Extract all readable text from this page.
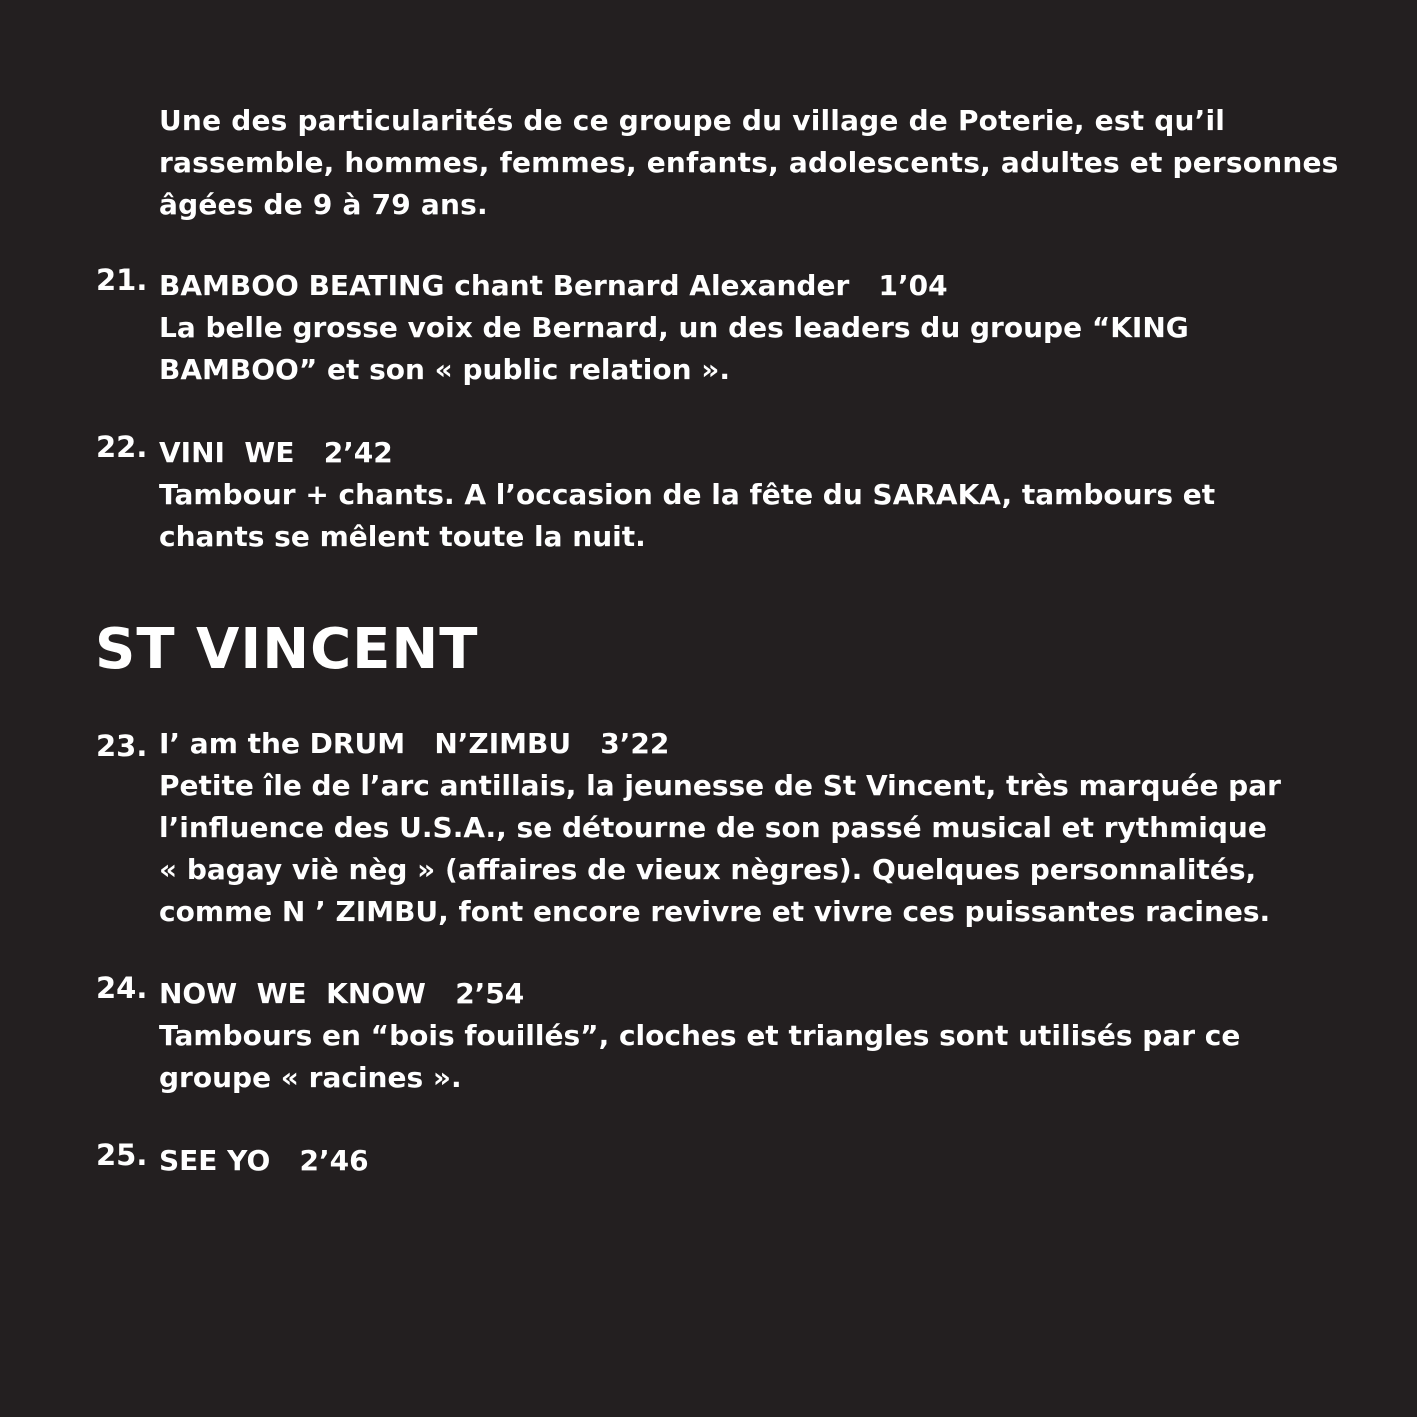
Une des particularités de ce groupe du village de Poterie, est qu’il
rassemble, hommes, femmes, enfants, adolescents, adultes et personnes
âgées de 9 à 79 ans.
21. BAMBOO BEATING chant Bernard Alexander   1’04
La belle grosse voix de Bernard, un des leaders du groupe “KING
BAMBOO” et son « public relation ».
22. VINI  WE   2’42
Tambour + chants. A l’occasion de la fête du SARAKA, tambours et
chants se mêlent toute la nuit.
ST VINCENT
23. I’ am the DRUM   N’ZIMBU   3’22
Petite île de l’arc antillais, la jeunesse de St Vincent, très marquée par
l’influence des U.S.A., se détourne de son passé musical et rythmique
« bagay viè nèg » (affaires de vieux nègres). Quelques personnalités,
comme N ’ ZIMBU, font encore revivre et vivre ces puissantes racines.
24. NOW  WE  KNOW   2’54
Tambours en “bois fouillés”, cloches et triangles sont utilisés par ce
groupe « racines ».
25. SEE YO   2’46
